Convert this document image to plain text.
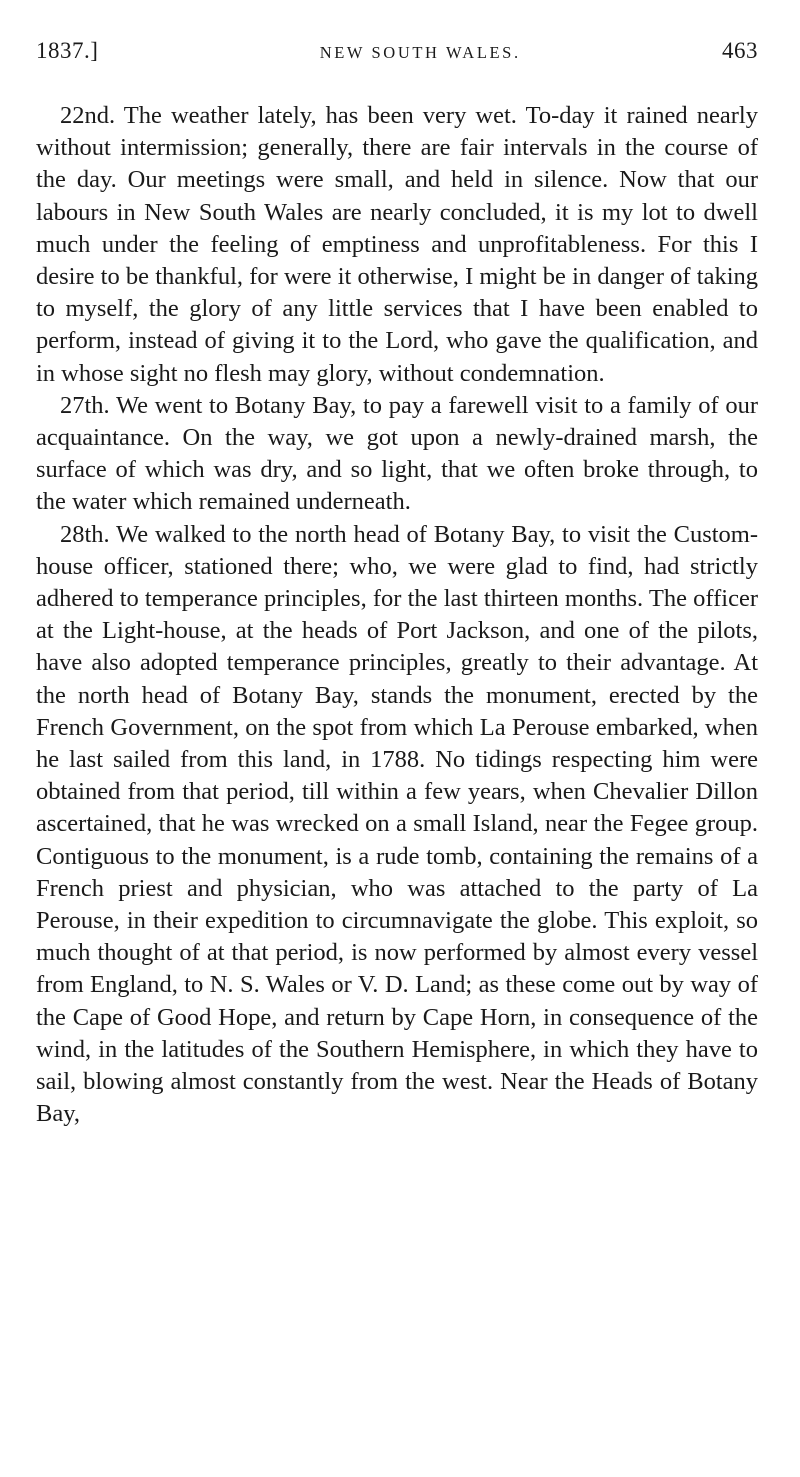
1837.]	NEW SOUTH WALES.	463

22nd. The weather lately, has been very wet. To-day it rained nearly without intermission; generally, there are fair intervals in the course of the day. Our meetings were small, and held in silence. Now that our labours in New South Wales are nearly concluded, it is my lot to dwell much under the feeling of emptiness and unprofitableness. For this I desire to be thankful, for were it otherwise, I might be in danger of taking to myself, the glory of any little services that I have been enabled to perform, instead of giving it to the Lord, who gave the qualification, and in whose sight no flesh may glory, without condemnation.

27th. We went to Botany Bay, to pay a farewell visit to a family of our acquaintance. On the way, we got upon a newly-drained marsh, the surface of which was dry, and so light, that we often broke through, to the water which remained underneath.

28th. We walked to the north head of Botany Bay, to visit the Custom-house officer, stationed there; who, we were glad to find, had strictly adhered to temperance principles, for the last thirteen months. The officer at the Light-house, at the heads of Port Jackson, and one of the pilots, have also adopted temperance principles, greatly to their advantage. At the north head of Botany Bay, stands the monument, erected by the French Government, on the spot from which La Perouse embarked, when he last sailed from this land, in 1788. No tidings respecting him were obtained from that period, till within a few years, when Chevalier Dillon ascertained, that he was wrecked on a small Island, near the Fegee group. Contiguous to the monument, is a rude tomb, containing the remains of a French priest and physician, who was attached to the party of La Perouse, in their expedition to circumnavigate the globe. This exploit, so much thought of at that period, is now performed by almost every vessel from England, to N. S. Wales or V. D. Land; as these come out by way of the Cape of Good Hope, and return by Cape Horn, in consequence of the wind, in the latitudes of the Southern Hemisphere, in which they have to sail, blowing almost constantly from the west. Near the Heads of Botany Bay,
